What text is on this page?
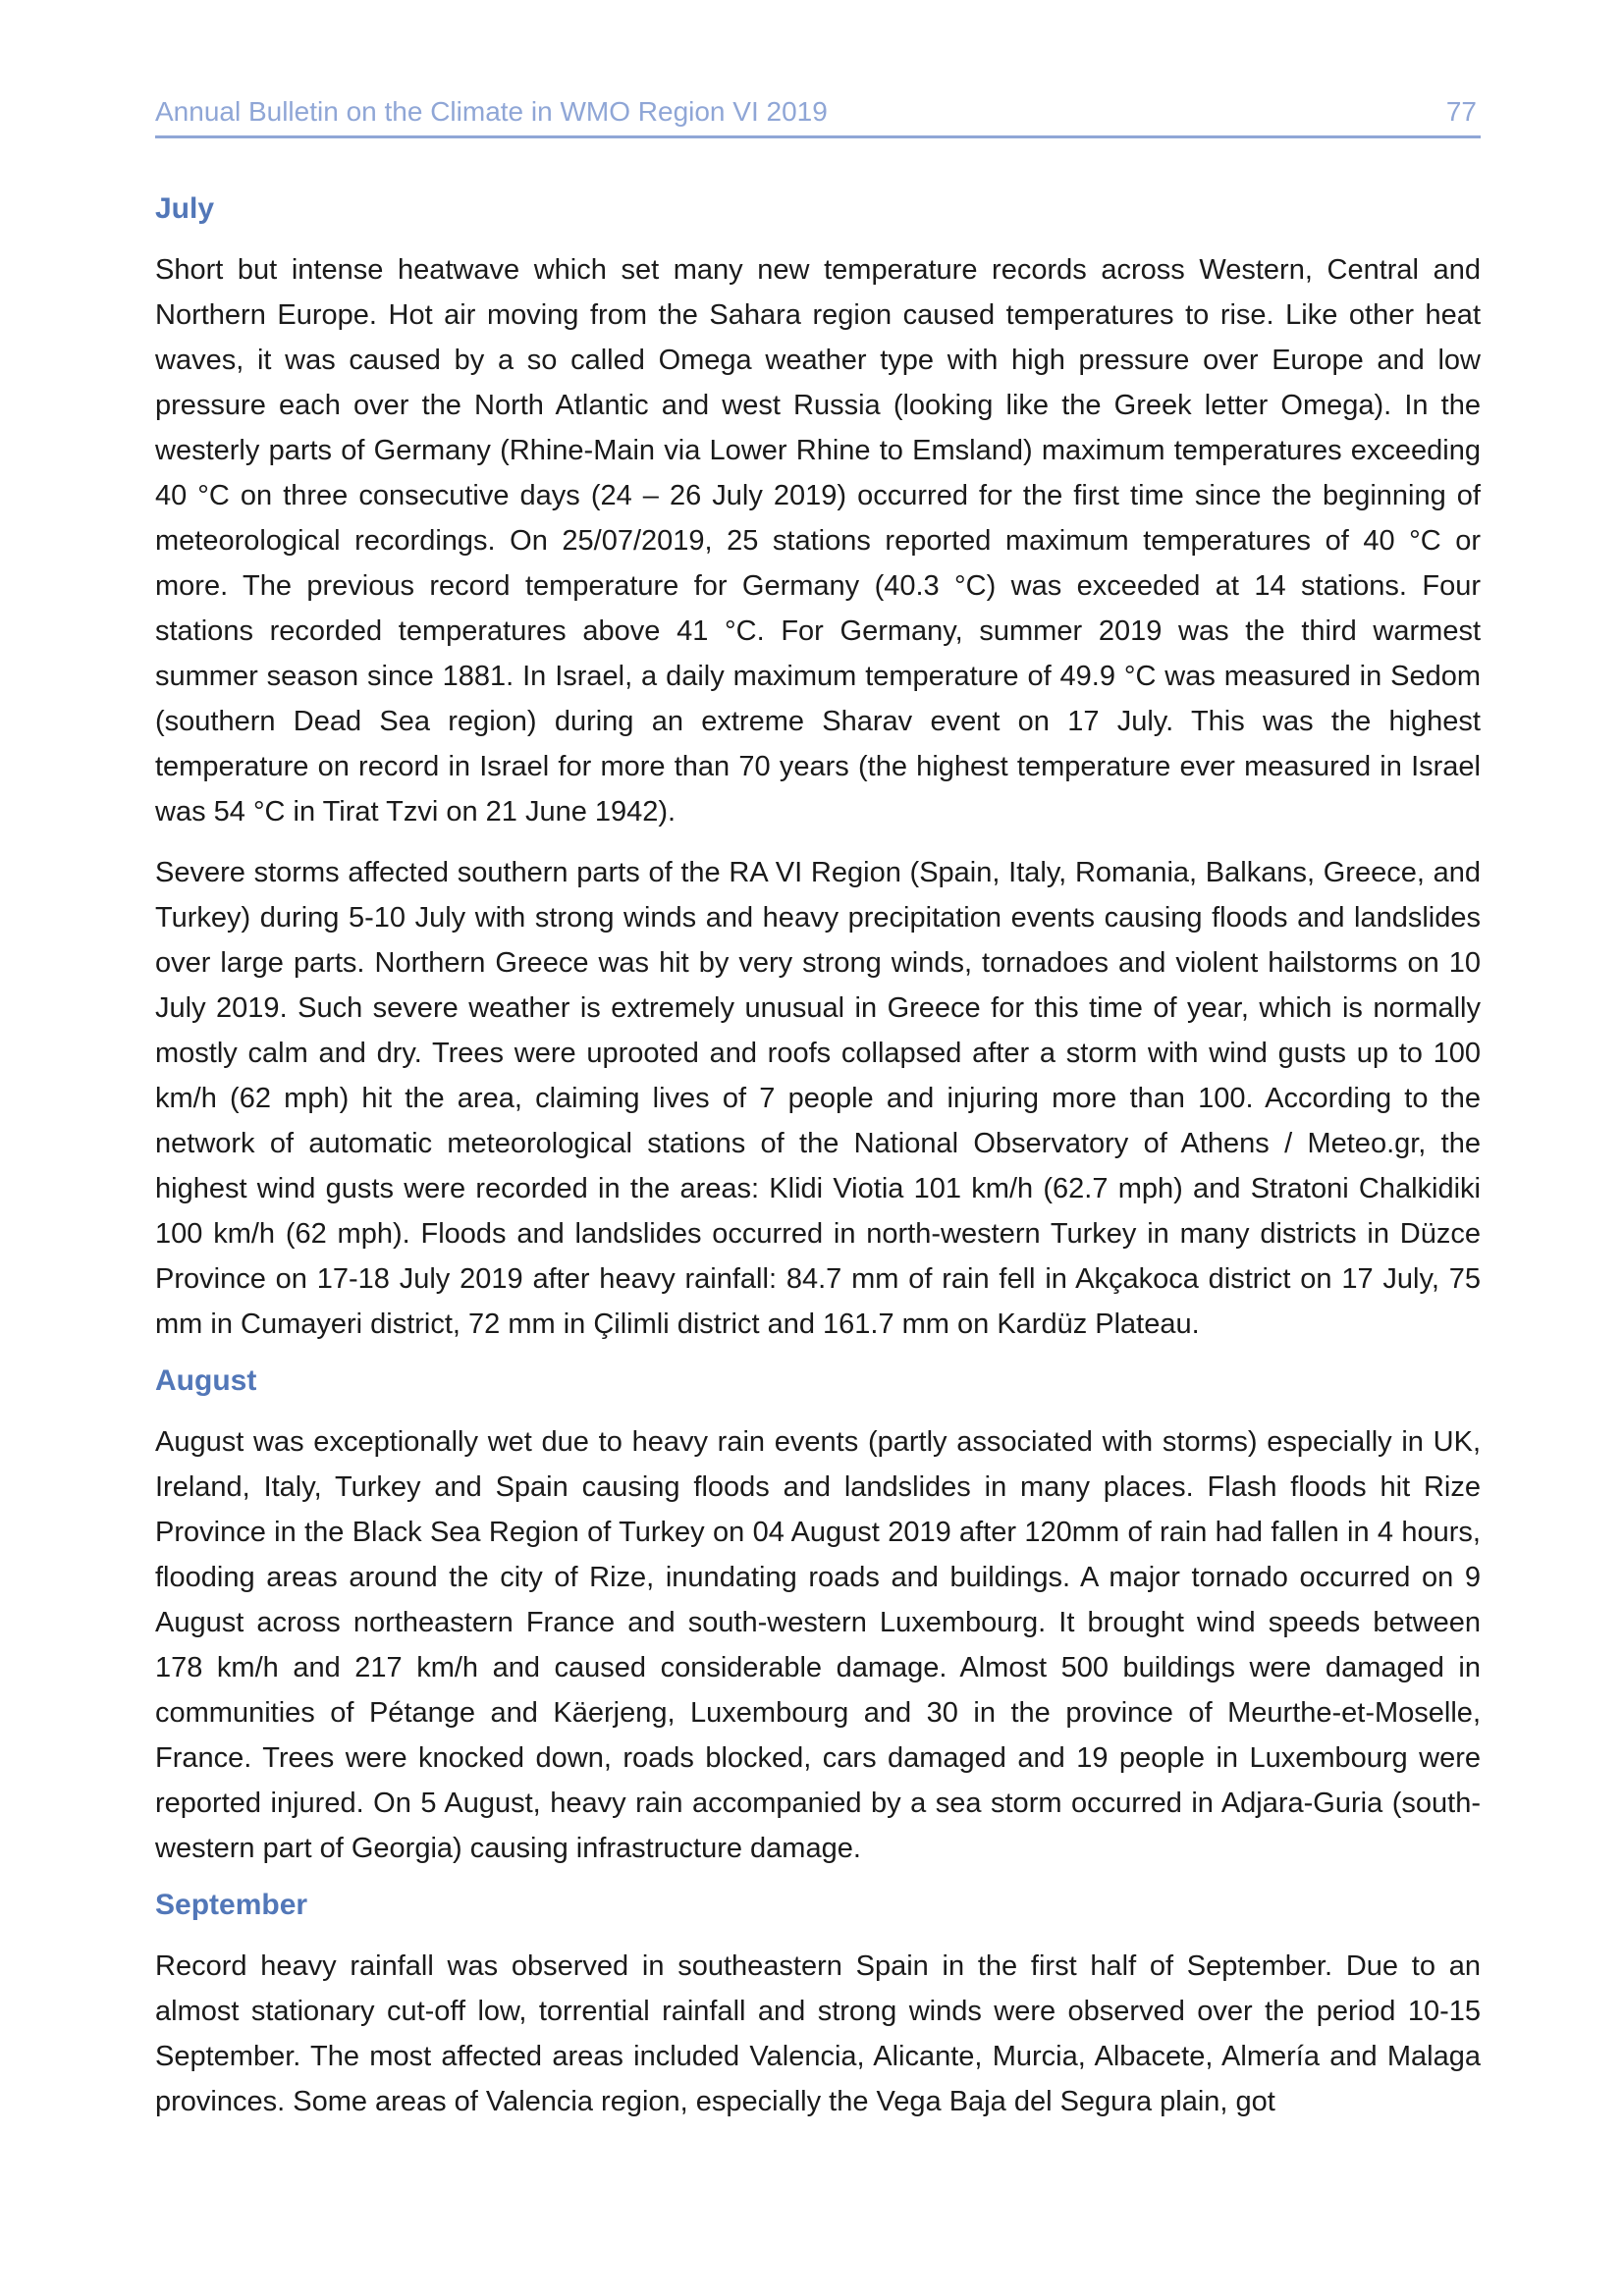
Annual Bulletin on the Climate in WMO Region VI 2019	77
July

Short but intense heatwave which set many new temperature records across Western, Central and Northern Europe. Hot air moving from the Sahara region caused temperatures to rise. Like other heat waves, it was caused by a so called Omega weather type with high pressure over Europe and low pressure each over the North Atlantic and west Russia (looking like the Greek letter Omega). In the westerly parts of Germany (Rhine-Main via Lower Rhine to Emsland) maximum temperatures exceeding 40 °C on three consecutive days (24 – 26 July 2019) occurred for the first time since the beginning of meteorological recordings. On 25/07/2019, 25 stations reported maximum temperatures of 40 °C or more. The previous record temperature for Germany (40.3 °C) was exceeded at 14 stations. Four stations recorded temperatures above 41 °C. For Germany, summer 2019 was the third warmest summer season since 1881. In Israel, a daily maximum temperature of 49.9 °C was measured in Sedom (southern Dead Sea region) during an extreme Sharav event on 17 July. This was the highest temperature on record in Israel for more than 70 years (the highest temperature ever measured in Israel was 54 °C in Tirat Tzvi on 21 June 1942).

Severe storms affected southern parts of the RA VI Region (Spain, Italy, Romania, Balkans, Greece, and Turkey) during 5-10 July with strong winds and heavy precipitation events causing floods and landslides over large parts. Northern Greece was hit by very strong winds, tornadoes and violent hailstorms on 10 July 2019. Such severe weather is extremely unusual in Greece for this time of year, which is normally mostly calm and dry. Trees were uprooted and roofs collapsed after a storm with wind gusts up to 100 km/h (62 mph) hit the area, claiming lives of 7 people and injuring more than 100. According to the network of automatic meteorological stations of the National Observatory of Athens / Meteo.gr, the highest wind gusts were recorded in the areas: Klidi Viotia 101 km/h (62.7 mph) and Stratoni Chalkidiki 100 km/h (62 mph). Floods and landslides occurred in north-western Turkey in many districts in Düzce Province on 17-18 July 2019 after heavy rainfall: 84.7 mm of rain fell in Akçakoca district on 17 July, 75 mm in Cumayeri district, 72 mm in Çilimli district and 161.7 mm on Kardüz Plateau.

August

August was exceptionally wet due to heavy rain events (partly associated with storms) especially in UK, Ireland, Italy, Turkey and Spain causing floods and landslides in many places. Flash floods hit Rize Province in the Black Sea Region of Turkey on 04 August 2019 after 120mm of rain had fallen in 4 hours, flooding areas around the city of Rize, inundating roads and buildings. A major tornado occurred on 9 August across northeastern France and south-western Luxembourg. It brought wind speeds between 178 km/h and 217 km/h and caused considerable damage. Almost 500 buildings were damaged in communities of Pétange and Käerjeng, Luxembourg and 30 in the province of Meurthe-et-Moselle, France. Trees were knocked down, roads blocked, cars damaged and 19 people in Luxembourg were reported injured. On 5 August, heavy rain accompanied by a sea storm occurred in Adjara-Guria (south-western part of Georgia) causing infrastructure damage.

September

Record heavy rainfall was observed in southeastern Spain in the first half of September. Due to an almost stationary cut-off low, torrential rainfall and strong winds were observed over the period 10-15 September. The most affected areas included Valencia, Alicante, Murcia, Albacete, Almería and Malaga provinces. Some areas of Valencia region, especially the Vega Baja del Segura plain, got
